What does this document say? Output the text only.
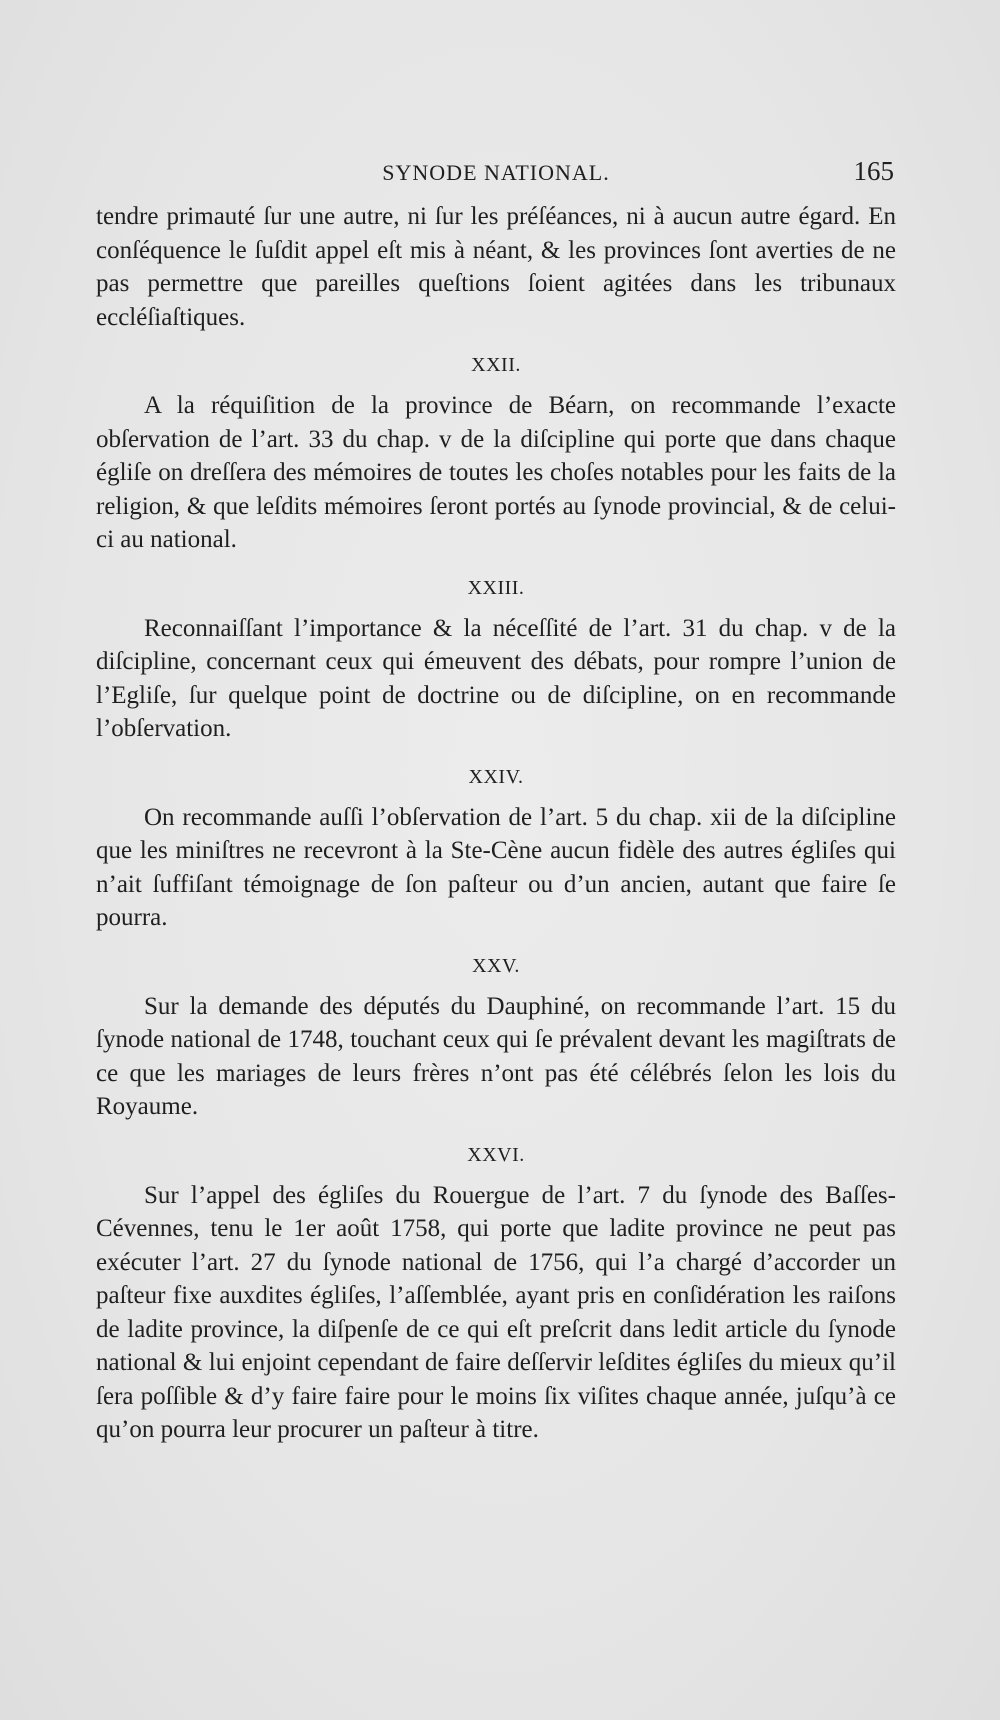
SYNODE NATIONAL.	165

tendre primauté ſur une autre, ni ſur les préſéances, ni à aucun autre égard. En conſéquence le ſuſdit appel eſt mis à néant, & les provinces ſont averties de ne pas permettre que pareilles queſtions ſoient agitées dans les tribunaux eccléſiaſtiques.

XXII.

A la réquiſition de la province de Béarn, on recommande l’exacte obſervation de l’art. 33 du chap. v de la diſcipline qui porte que dans chaque égliſe on dreſſera des mémoires de toutes les choſes notables pour les faits de la religion, & que leſdits mémoires ſeront portés au ſynode provincial, & de celui-ci au national.

XXIII.

Reconnaiſſant l’importance & la néceſſité de l’art. 31 du chap. v de la diſcipline, concernant ceux qui émeuvent des débats, pour rompre l’union de l’Egliſe, ſur quelque point de doctrine ou de diſcipline, on en recommande l’obſervation.

XXIV.

On recommande auſſi l’obſervation de l’art. 5 du chap. xii de la diſcipline que les miniſtres ne recevront à la Ste-Cène aucun fidèle des autres égliſes qui n’ait ſuffiſant témoignage de ſon paſteur ou d’un ancien, autant que faire ſe pourra.

XXV.

Sur la demande des députés du Dauphiné, on recommande l’art. 15 du ſynode national de 1748, touchant ceux qui ſe prévalent devant les magiſtrats de ce que les mariages de leurs frères n’ont pas été célébrés ſelon les lois du Royaume.

XXVI.

Sur l’appel des égliſes du Rouergue de l’art. 7 du ſynode des Baſſes-Cévennes, tenu le 1er août 1758, qui porte que ladite province ne peut pas exécuter l’art. 27 du ſynode national de 1756, qui l’a chargé d’accorder un paſteur fixe auxdites égliſes, l’aſſemblée, ayant pris en conſidération les raiſons de ladite province, la diſpenſe de ce qui eſt preſcrit dans ledit article du ſynode national & lui enjoint cependant de faire deſſervir leſdites égliſes du mieux qu’il ſera poſſible & d’y faire faire pour le moins ſix viſites chaque année, juſqu’à ce qu’on pourra leur procurer un paſteur à titre.
